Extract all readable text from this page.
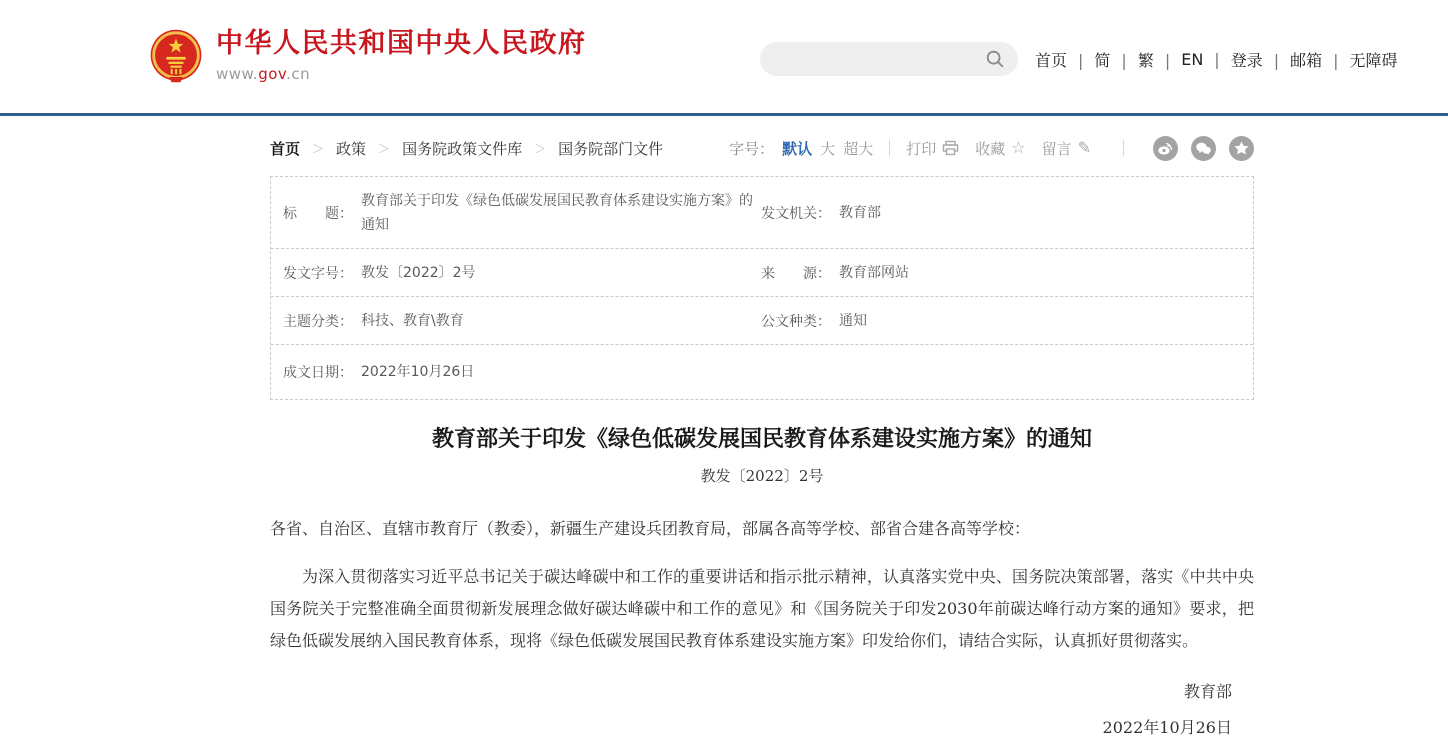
中华人民共和国中央人民政府
www.gov.cn
首页 |	简 |	繁 |	EN |	登录 |	邮箱 |	无障碍
首页 ＞ 政策 ＞ 国务院政策文件库 ＞ 国务院部门文件	字号： 默认 大 超大 打印	收藏 ☆ 留言 ✎
标　　题：
教育部关于印发《绿色低碳发展国民教育体系建设实施方案》的通知
发文机关： 教育部
发文字号： 教发〔2022〕2号	来　　源： 教育部网站
主题分类： 科技、教育\教育	公文种类： 通知
成文日期： 2022年10月26日
教育部关于印发《绿色低碳发展国民教育体系建设实施方案》的通知
教发〔2022〕2号

各省、自治区、直辖市教育厅（教委），新疆生产建设兵团教育局，部属各高等学校、部省合建各高等学校：

为深入贯彻落实习近平总书记关于碳达峰碳中和工作的重要讲话和指示批示精神，认真落实党中央、国务院决策部署，落实《中共中央 国务院关于完整准确全面贯彻新发展理念做好碳达峰碳中和工作的意见》和《国务院关于印发2030年前碳达峰行动方案的通知》要求，把绿色低碳发展纳入国民教育体系，现将《绿色低碳发展国民教育体系建设实施方案》印发给你们，请结合实际，认真抓好贯彻落实。

教育部
2022年10月26日
